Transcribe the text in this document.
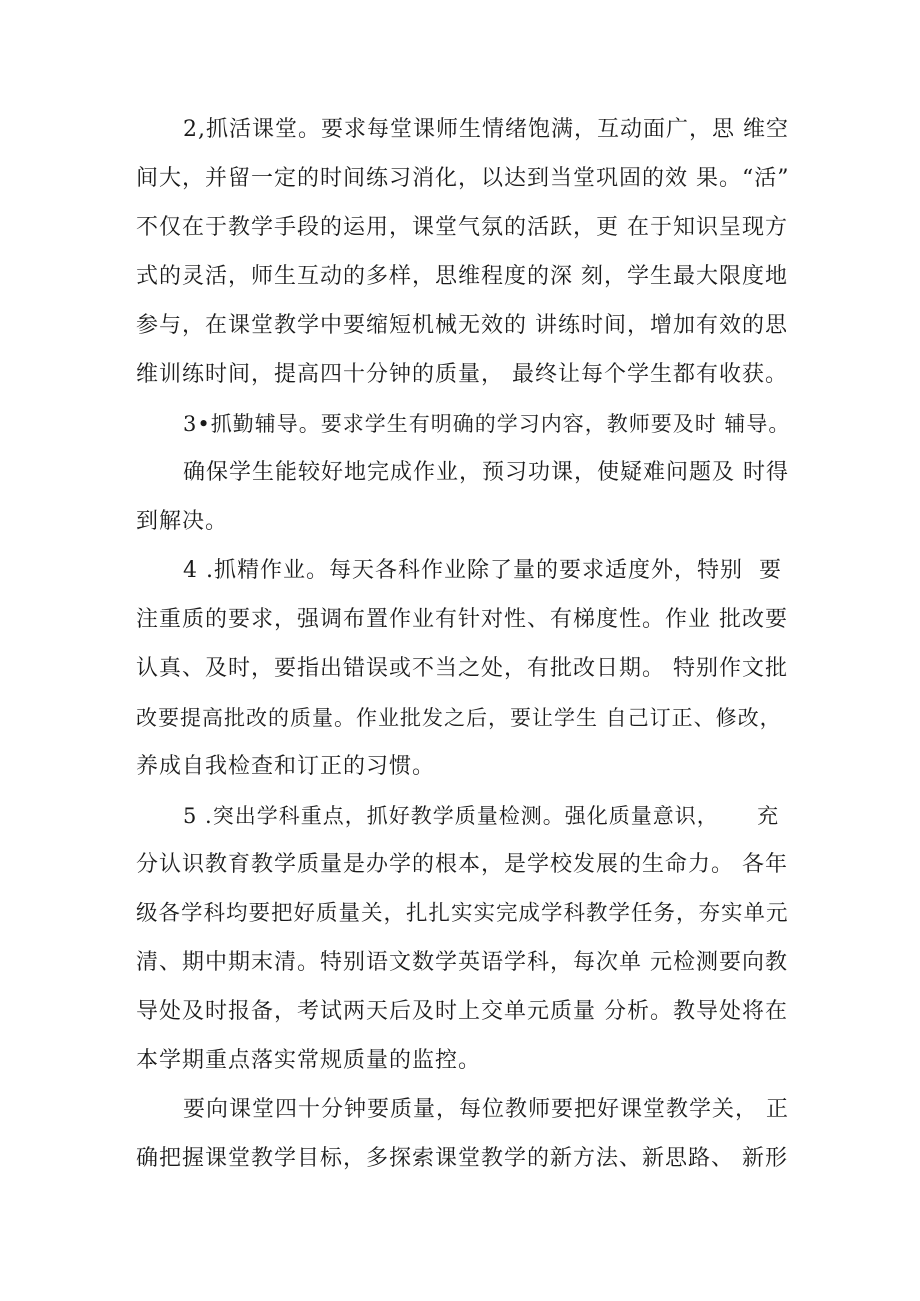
2,抓活课堂。要求每堂课师生情绪饱满，互动面广，思 维空
间大，并留一定的时间练习消化，以达到当堂巩固的效 果。“活”
不仅在于教学手段的运用，课堂气氛的活跃，更 在于知识呈现方
式的灵活，师生互动的多样，思维程度的深 刻，学生最大限度地
参与，在课堂教学中要缩短机械无效的 讲练时间，增加有效的思
维训练时间，提高四十分钟的质量， 最终让每个学生都有收获。
3•抓勤辅导。要求学生有明确的学习内容，教师要及时 辅导。
确保学生能较好地完成作业，预习功课，使疑难问题及 时得
到解决。
4 .抓精作业。每天各科作业除了量的要求适度外，特别  要
注重质的要求，强调布置作业有针对性、有梯度性。作业 批改要
认真、及时，要指出错误或不当之处，有批改日期。 特别作文批
改要提高批改的质量。作业批发之后，要让学生 自己订正、修改，
养成自我检查和订正的习惯。
5 .突出学科重点，抓好教学质量检测。强化质量意识，     充
分认识教育教学质量是办学的根本，是学校发展的生命力。 各年
级各学科均要把好质量关，扎扎实实完成学科教学任务，夯实单元
清、期中期末清。特别语文数学英语学科，每次单 元检测要向教
导处及时报备，考试两天后及时上交单元质量 分析。教导处将在
本学期重点落实常规质量的监控。
要向课堂四十分钟要质量，每位教师要把好课堂教学关， 正
确把握课堂教学目标，多探索课堂教学的新方法、新思路、 新形
